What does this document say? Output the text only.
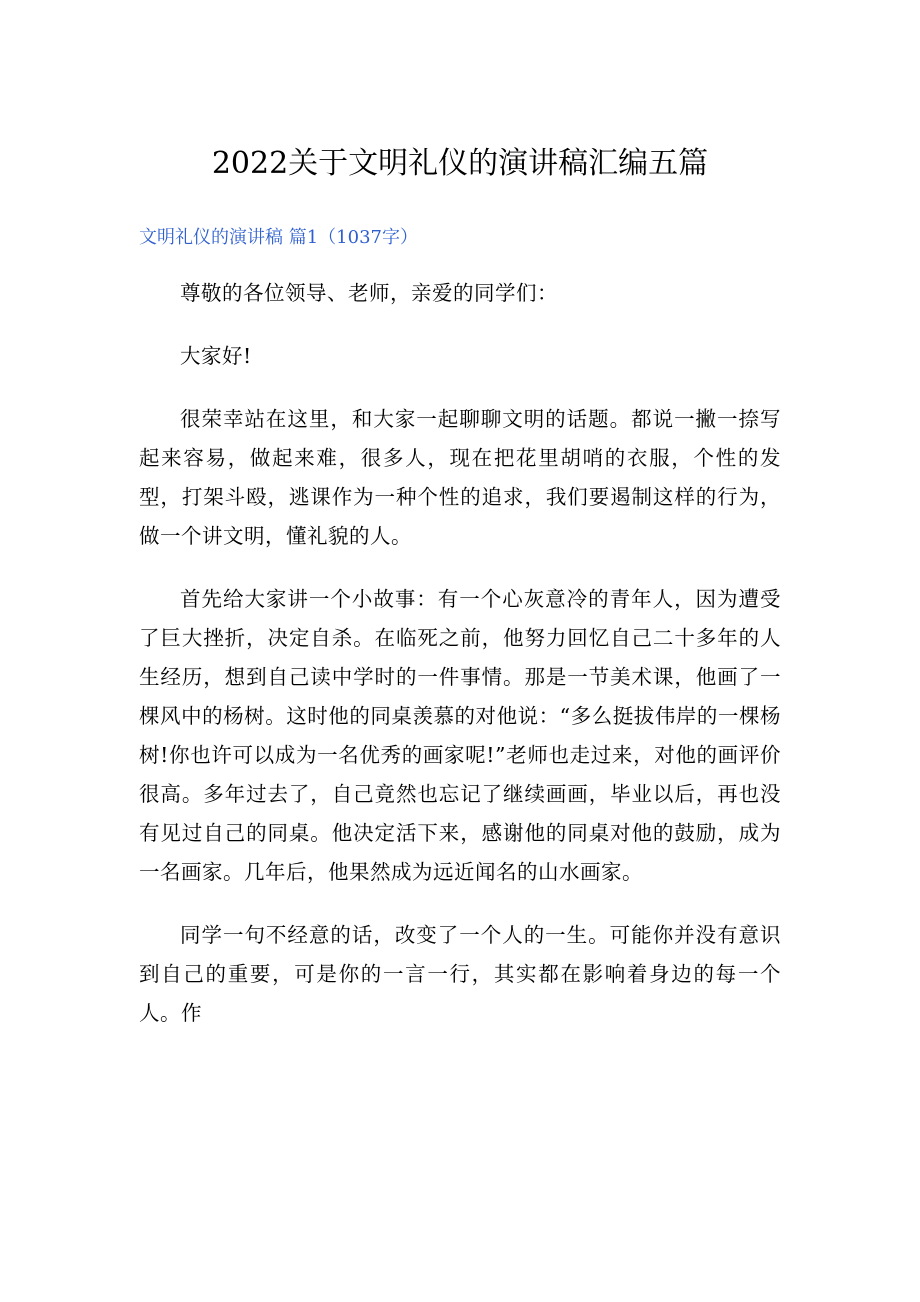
2022关于文明礼仪的演讲稿汇编五篇

文明礼仪的演讲稿 篇1（1037字）

尊敬的各位领导、老师，亲爱的同学们：

大家好!

很荣幸站在这里，和大家一起聊聊文明的话题。都说一撇一捺写起来容易，做起来难，很多人，现在把花里胡哨的衣服，个性的发型，打架斗殴，逃课作为一种个性的追求，我们要遏制这样的行为，做一个讲文明，懂礼貌的人。

首先给大家讲一个小故事：有一个心灰意冷的青年人，因为遭受了巨大挫折，决定自杀。在临死之前，他努力回忆自己二十多年的人生经历，想到自己读中学时的一件事情。那是一节美术课，他画了一棵风中的杨树。这时他的同桌羡慕的对他说：“多么挺拔伟岸的一棵杨树!你也许可以成为一名优秀的画家呢!”老师也走过来，对他的画评价很高。多年过去了，自己竟然也忘记了继续画画，毕业以后，再也没有见过自己的同桌。他决定活下来，感谢他的同桌对他的鼓励，成为一名画家。几年后，他果然成为远近闻名的山水画家。

同学一句不经意的话，改变了一个人的一生。可能你并没有意识到自己的重要，可是你的一言一行，其实都在影响着身边的每一个人。作
